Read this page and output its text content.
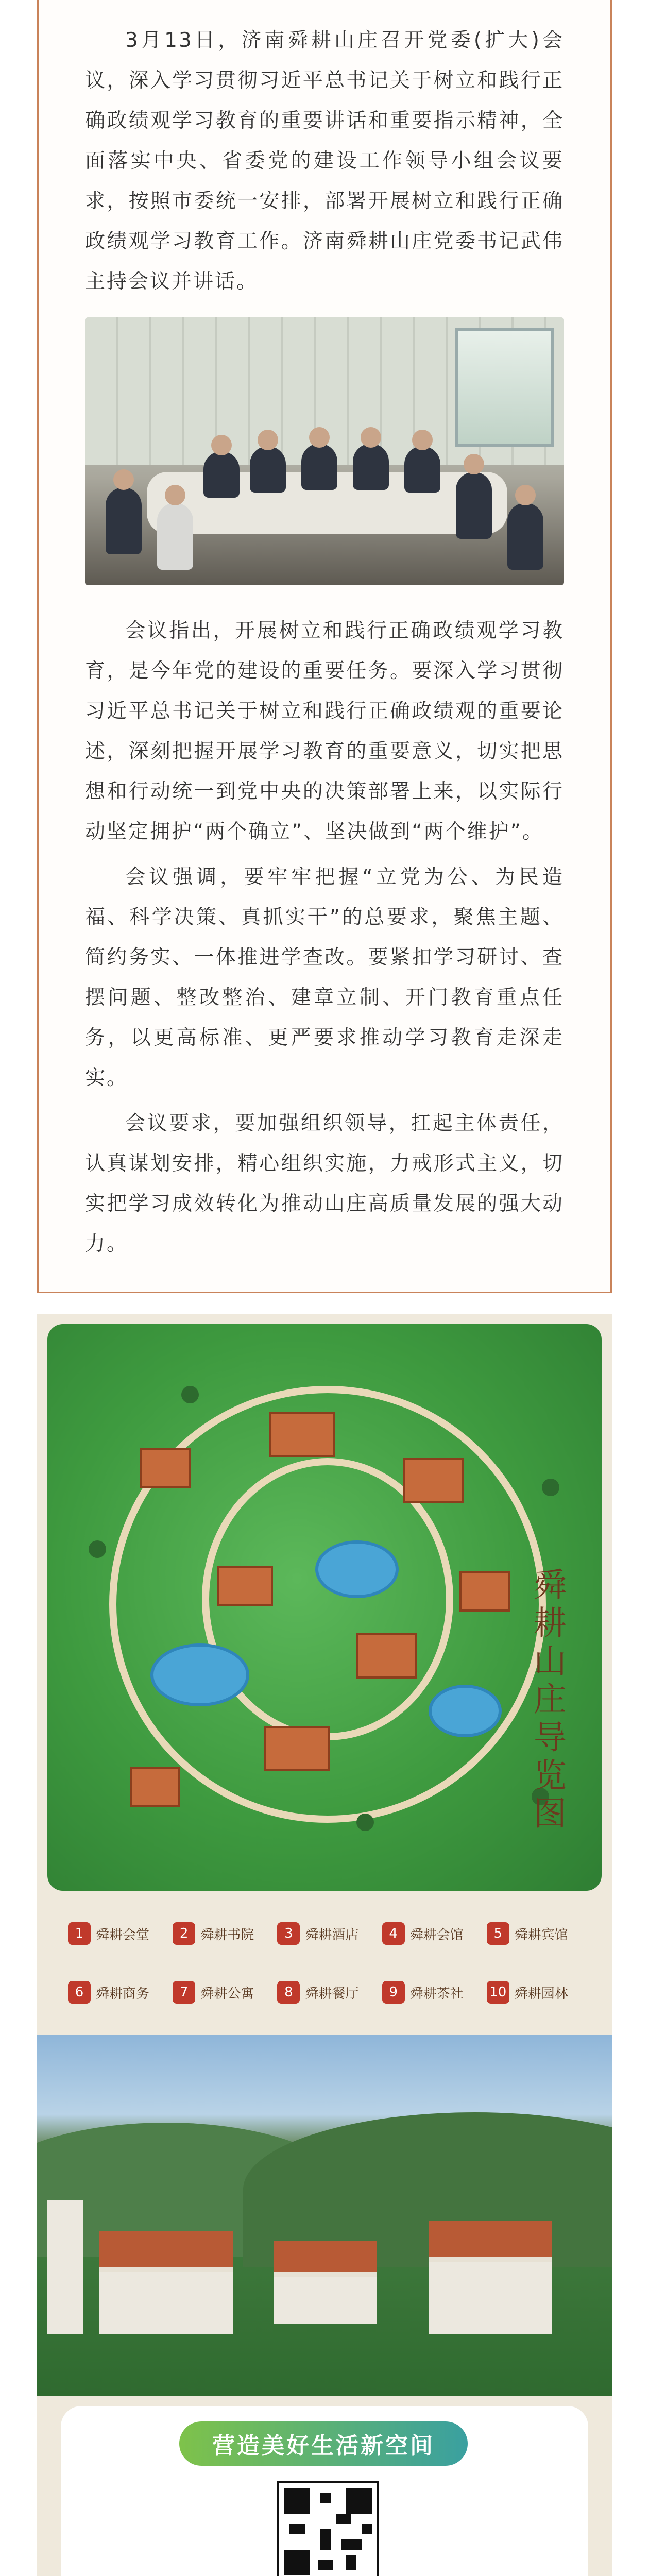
3月13日，济南舜耕山庄召开党委(扩大)会议，深入学习贯彻习近平总书记关于树立和践行正确政绩观学习教育的重要讲话和重要指示精神，全面落实中央、省委党的建设工作领导小组会议要求，按照市委统一安排，部署开展树立和践行正确政绩观学习教育工作。济南舜耕山庄党委书记武伟主持会议并讲话。

会议指出，开展树立和践行正确政绩观学习教育，是今年党的建设的重要任务。要深入学习贯彻习近平总书记关于树立和践行正确政绩观的重要论述，深刻把握开展学习教育的重要意义，切实把思想和行动统一到党中央的决策部署上来，以实际行动坚定拥护“两个确立”、坚决做到“两个维护”。

会议强调，要牢牢把握“立党为公、为民造福、科学决策、真抓实干”的总要求，聚焦主题、简约务实、一体推进学查改。要紧扣学习研讨、查摆问题、整改整治、建章立制、开门教育重点任务，以更高标准、更严要求推动学习教育走深走实。

会议要求，要加强组织领导，扛起主体责任，认真谋划安排，精心组织实施，力戒形式主义，切实把学习成效转化为推动山庄高质量发展的强大动力。

舜耕山庄导览图
1 舜耕会堂	2 舜耕书院	3 舜耕酒店	4 舜耕会馆	5 舜耕宾馆
6 舜耕商务	7 舜耕公寓	8 舜耕餐厅	9 舜耕茶社 10 舜耕园林
营造美好生活新空间
